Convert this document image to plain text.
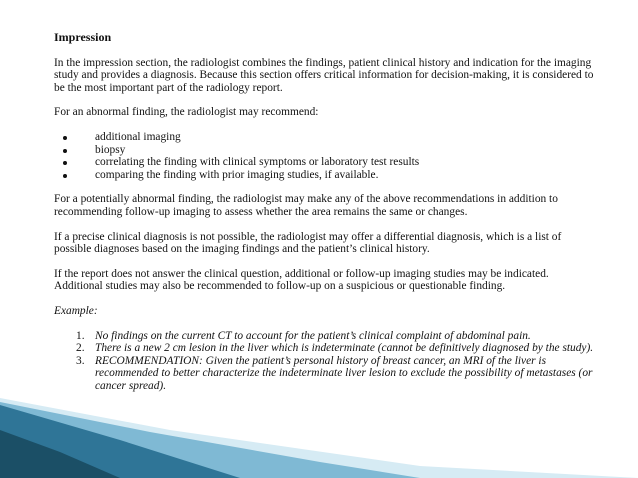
Impression

In the impression section, the radiologist combines the findings, patient clinical history and indication for the imaging study and provides a diagnosis. Because this section offers critical information for decision-making, it is considered to be the most important part of the radiology report.

For an abnormal finding, the radiologist may recommend:

additional imaging
biopsy
correlating the finding with clinical symptoms or laboratory test results
comparing the finding with prior imaging studies, if available.

For a potentially abnormal finding, the radiologist may make any of the above recommendations in addition to recommending follow-up imaging to assess whether the area remains the same or changes.

If a precise clinical diagnosis is not possible, the radiologist may offer a differential diagnosis, which is a list of possible diagnoses based on the imaging findings and the patient’s clinical history.

If the report does not answer the clinical question, additional or follow-up imaging studies may be indicated. Additional studies may also be recommended to follow-up on a suspicious or questionable finding.

Example:
1. No findings on the current CT to account for the patient’s clinical complaint of abdominal pain.
2. There is a new 2 cm lesion in the liver which is indeterminate (cannot be definitively diagnosed by the study).
3. RECOMMENDATION: Given the patient’s personal history of breast cancer, an MRI of the liver is recommended to better characterize the indeterminate liver lesion to exclude the possibility of metastases (or cancer spread).
